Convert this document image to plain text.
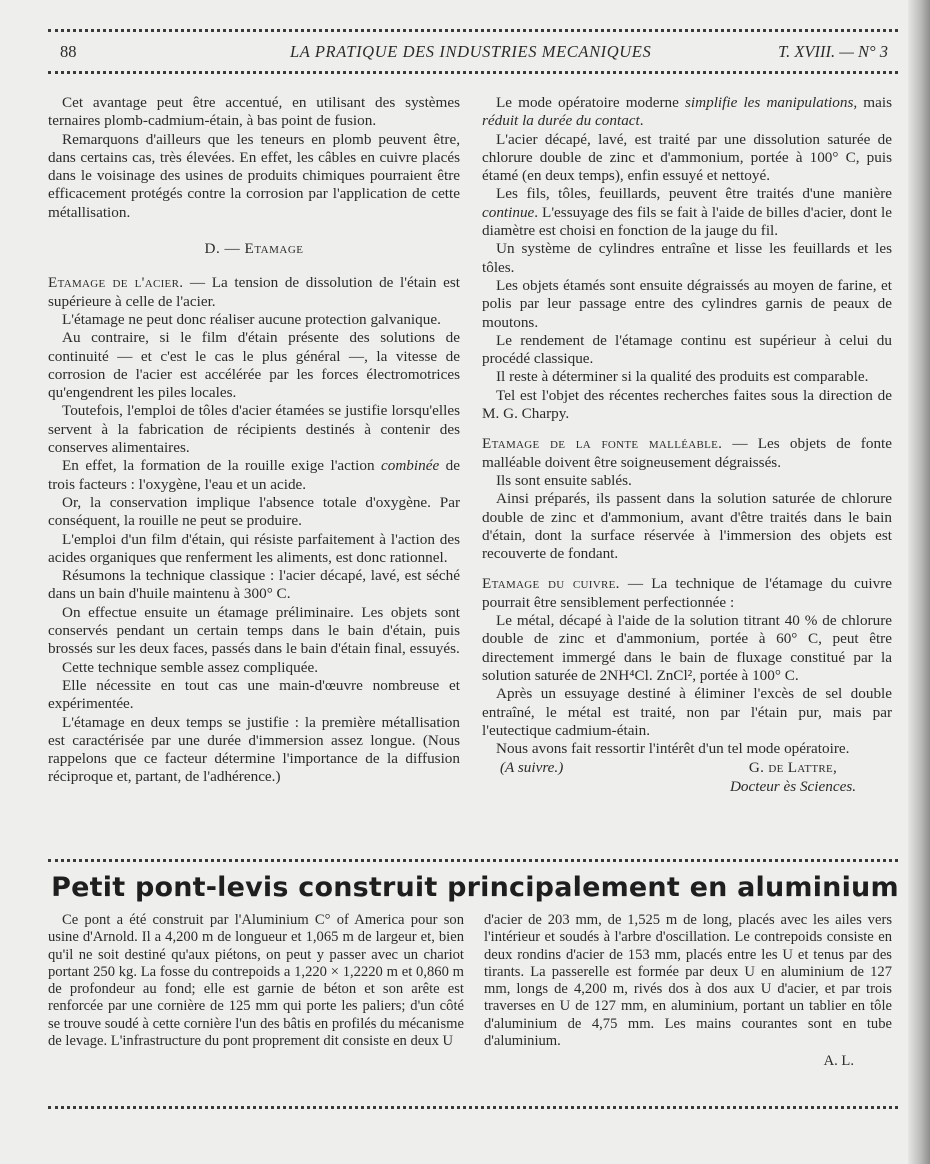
88	LA PRATIQUE DES INDUSTRIES MECANIQUES	T. XVIII. — N° 3

Cet avantage peut être accentué, en utilisant des systèmes ternaires plomb-cadmium-étain, à bas point de fusion.

Remarquons d'ailleurs que les teneurs en plomb peuvent être, dans certains cas, très élevées. En effet, les câbles en cuivre placés dans le voisinage des usines de produits chimiques pourraient être efficacement protégés contre la corrosion par l'application de cette métallisation.

D. — Etamage

Etamage de l'acier. — La tension de dissolution de l'étain est supérieure à celle de l'acier.

L'étamage ne peut donc réaliser aucune protection galvanique.

Au contraire, si le film d'étain présente des solutions de continuité — et c'est le cas le plus général —, la vitesse de corrosion de l'acier est accélérée par les forces électromotrices qu'engendrent les piles locales.

Toutefois, l'emploi de tôles d'acier étamées se justifie lorsqu'elles servent à la fabrication de récipients destinés à contenir des conserves alimentaires.

En effet, la formation de la rouille exige l'action combinée de trois facteurs : l'oxygène, l'eau et un acide.

Or, la conservation implique l'absence totale d'oxygène. Par conséquent, la rouille ne peut se produire.

L'emploi d'un film d'étain, qui résiste parfaitement à l'action des acides organiques que renferment les aliments, est donc rationnel.

Résumons la technique classique : l'acier décapé, lavé, est séché dans un bain d'huile maintenu à 300° C.

On effectue ensuite un étamage préliminaire. Les objets sont conservés pendant un certain temps dans le bain d'étain, puis brossés sur les deux faces, passés dans le bain d'étain final, essuyés.

Cette technique semble assez compliquée.

Elle nécessite en tout cas une main-d'œuvre nombreuse et expérimentée.

L'étamage en deux temps se justifie : la première métallisation est caractérisée par une durée d'immersion assez longue. (Nous rappelons que ce facteur détermine l'importance de la diffusion réciproque et, partant, de l'adhérence.)

Le mode opératoire moderne simplifie les manipulations, mais réduit la durée du contact.

L'acier décapé, lavé, est traité par une dissolution saturée de chlorure double de zinc et d'ammonium, portée à 100° C, puis étamé (en deux temps), enfin essuyé et nettoyé.

Les fils, tôles, feuillards, peuvent être traités d'une manière continue. L'essuyage des fils se fait à l'aide de billes d'acier, dont le diamètre est choisi en fonction de la jauge du fil.

Un système de cylindres entraîne et lisse les feuillards et les tôles.

Les objets étamés sont ensuite dégraissés au moyen de farine, et polis par leur passage entre des cylindres garnis de peaux de moutons.

Le rendement de l'étamage continu est supérieur à celui du procédé classique.

Il reste à déterminer si la qualité des produits est comparable.

Tel est l'objet des récentes recherches faites sous la direction de M. G. Charpy.

Etamage de la fonte malléable. — Les objets de fonte malléable doivent être soigneusement dégraissés.

Ils sont ensuite sablés.

Ainsi préparés, ils passent dans la solution saturée de chlorure double de zinc et d'ammonium, avant d'être traités dans le bain d'étain, dont la surface réservée à l'immersion des objets est recouverte de fondant.

Etamage du cuivre. — La technique de l'étamage du cuivre pourrait être sensiblement perfectionnée :

Le métal, décapé à l'aide de la solution titrant 40 % de chlorure double de zinc et d'ammonium, portée à 60° C, peut être directement immergé dans le bain de fluxage constitué par la solution saturée de 2NH⁴Cl. ZnCl², portée à 100° C.

Après un essuyage destiné à éliminer l'excès de sel double entraîné, le métal est traité, non par l'étain pur, mais par l'eutectique cadmium-étain.

Nous avons fait ressortir l'intérêt d'un tel mode opératoire.

(A suivre.)	G. de Lattre,
Docteur ès Sciences.
Petit pont-levis construit principalement en aluminium

Ce pont a été construit par l'Aluminium C° of America pour son usine d'Arnold. Il a 4,200 m de longueur et 1,065 m de largeur et, bien qu'il ne soit destiné qu'aux piétons, on peut y passer avec un chariot portant 250 kg. La fosse du contrepoids a 1,220 × 1,2220 m et 0,860 m de profondeur au fond; elle est garnie de béton et son arête est renforcée par une cornière de 125 mm qui porte les paliers; d'un côté se trouve soudé à cette cornière l'un des bâtis en profilés du mécanisme de levage. L'infrastructure du pont proprement dit consiste en deux U

d'acier de 203 mm, de 1,525 m de long, placés avec les ailes vers l'intérieur et soudés à l'arbre d'oscillation. Le contrepoids consiste en deux rondins d'acier de 153 mm, placés entre les U et tenus par des tirants. La passerelle est formée par deux U en aluminium de 127 mm, longs de 4,200 m, rivés dos à dos aux U d'acier, et par trois traverses en U de 127 mm, en aluminium, portant un tablier en tôle d'aluminium de 4,75 mm. Les mains courantes sont en tube d'aluminium.

A. L.
